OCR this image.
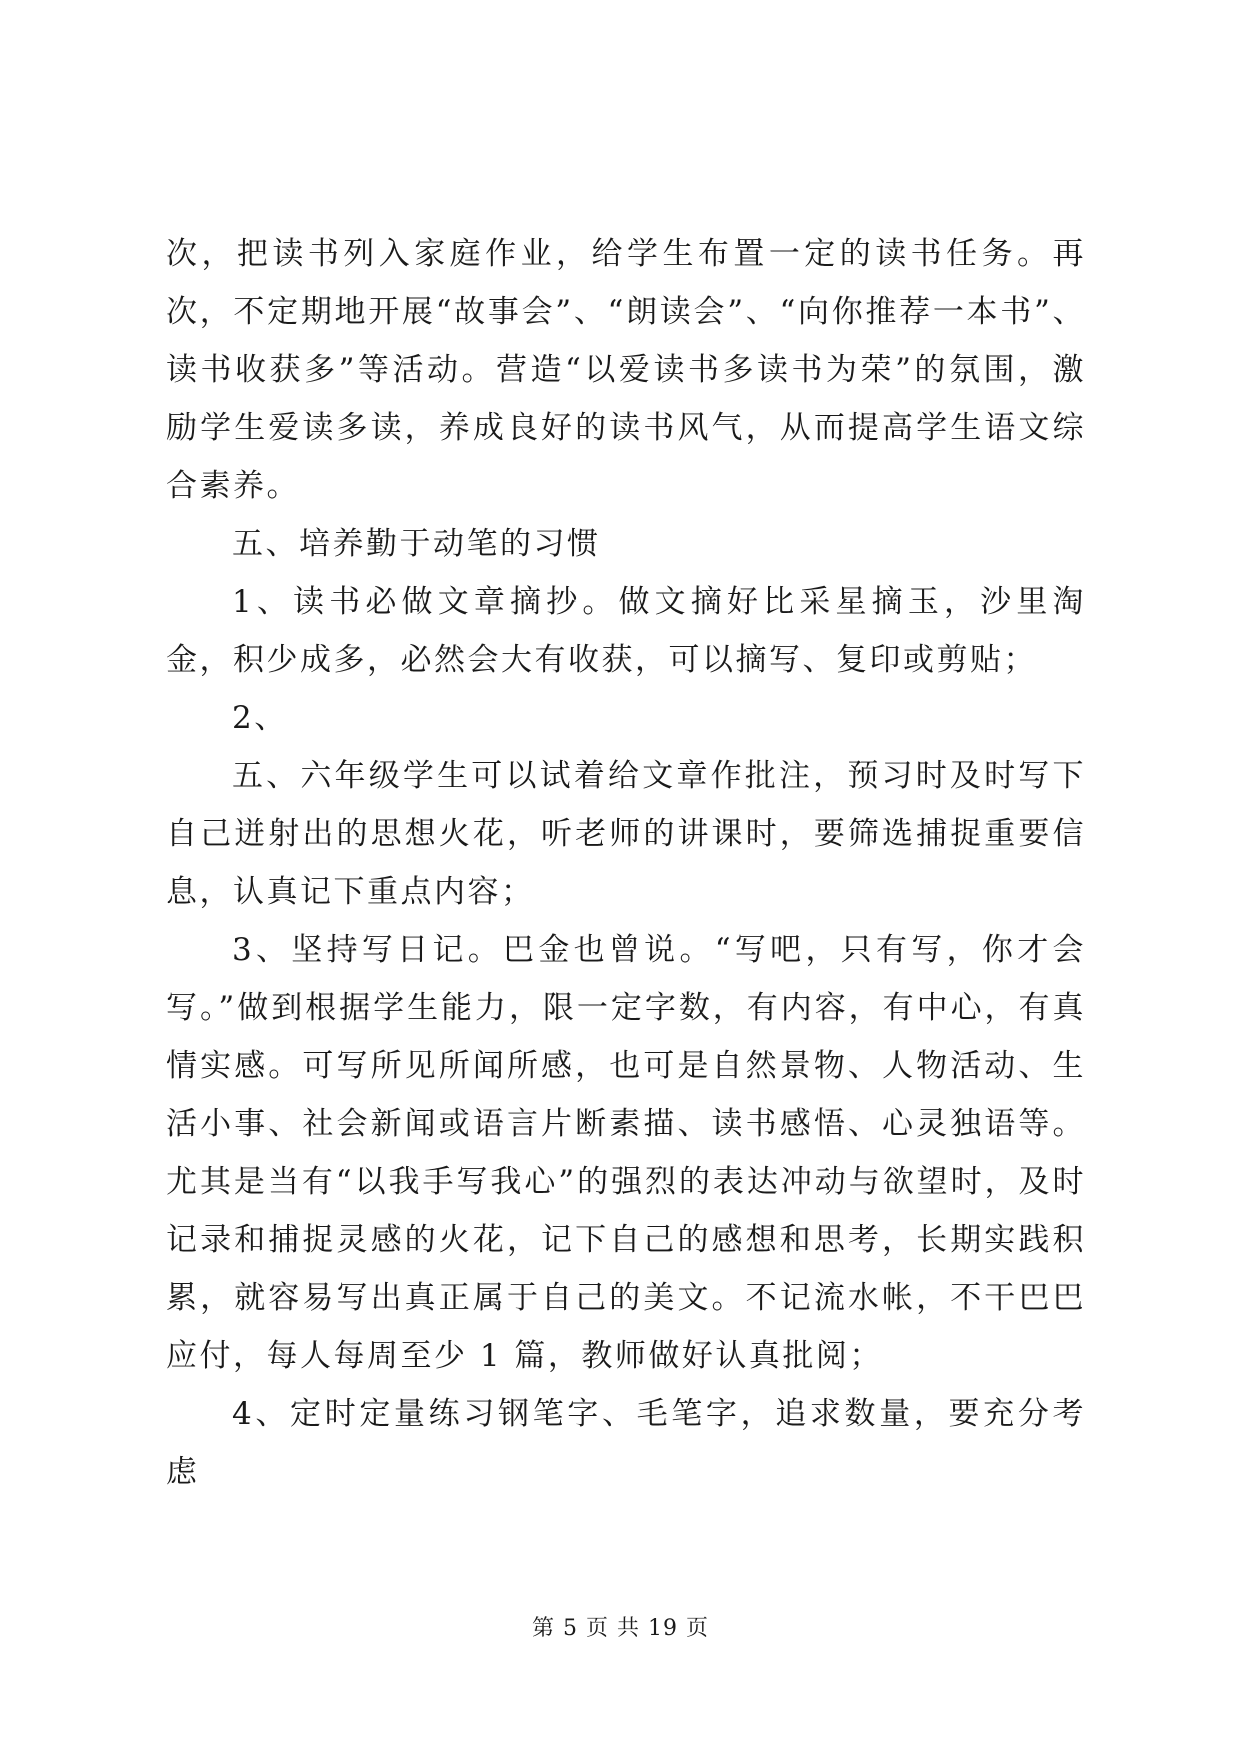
次，把读书列入家庭作业，给学生布置一定的读书任务。再次，不定期地开展“故事会”、“朗读会”、“向你推荐一本书”、读书收获多”等活动。营造“以爱读书多读书为荣”的氛围，激励学生爱读多读，养成良好的读书风气，从而提高学生语文综合素养。

五、培养勤于动笔的习惯

1、读书必做文章摘抄。做文摘好比采星摘玉，沙里淘金，积少成多，必然会大有收获，可以摘写、复印或剪贴；

2、

五、六年级学生可以试着给文章作批注，预习时及时写下自己迸射出的思想火花，听老师的讲课时，要筛选捕捉重要信息，认真记下重点内容；

3、坚持写日记。巴金也曾说。“写吧，只有写，你才会写。”做到根据学生能力，限一定字数，有内容，有中心，有真情实感。可写所见所闻所感，也可是自然景物、人物活动、生活小事、社会新闻或语言片断素描、读书感悟、心灵独语等。尤其是当有“以我手写我心”的强烈的表达冲动与欲望时，及时记录和捕捉灵感的火花，记下自己的感想和思考，长期实践积累，就容易写出真正属于自己的美文。不记流水帐，不干巴巴应付，每人每周至少 1 篇，教师做好认真批阅；

4、定时定量练习钢笔字、毛笔字，追求数量，要充分考虑

第 5 页 共 19 页
